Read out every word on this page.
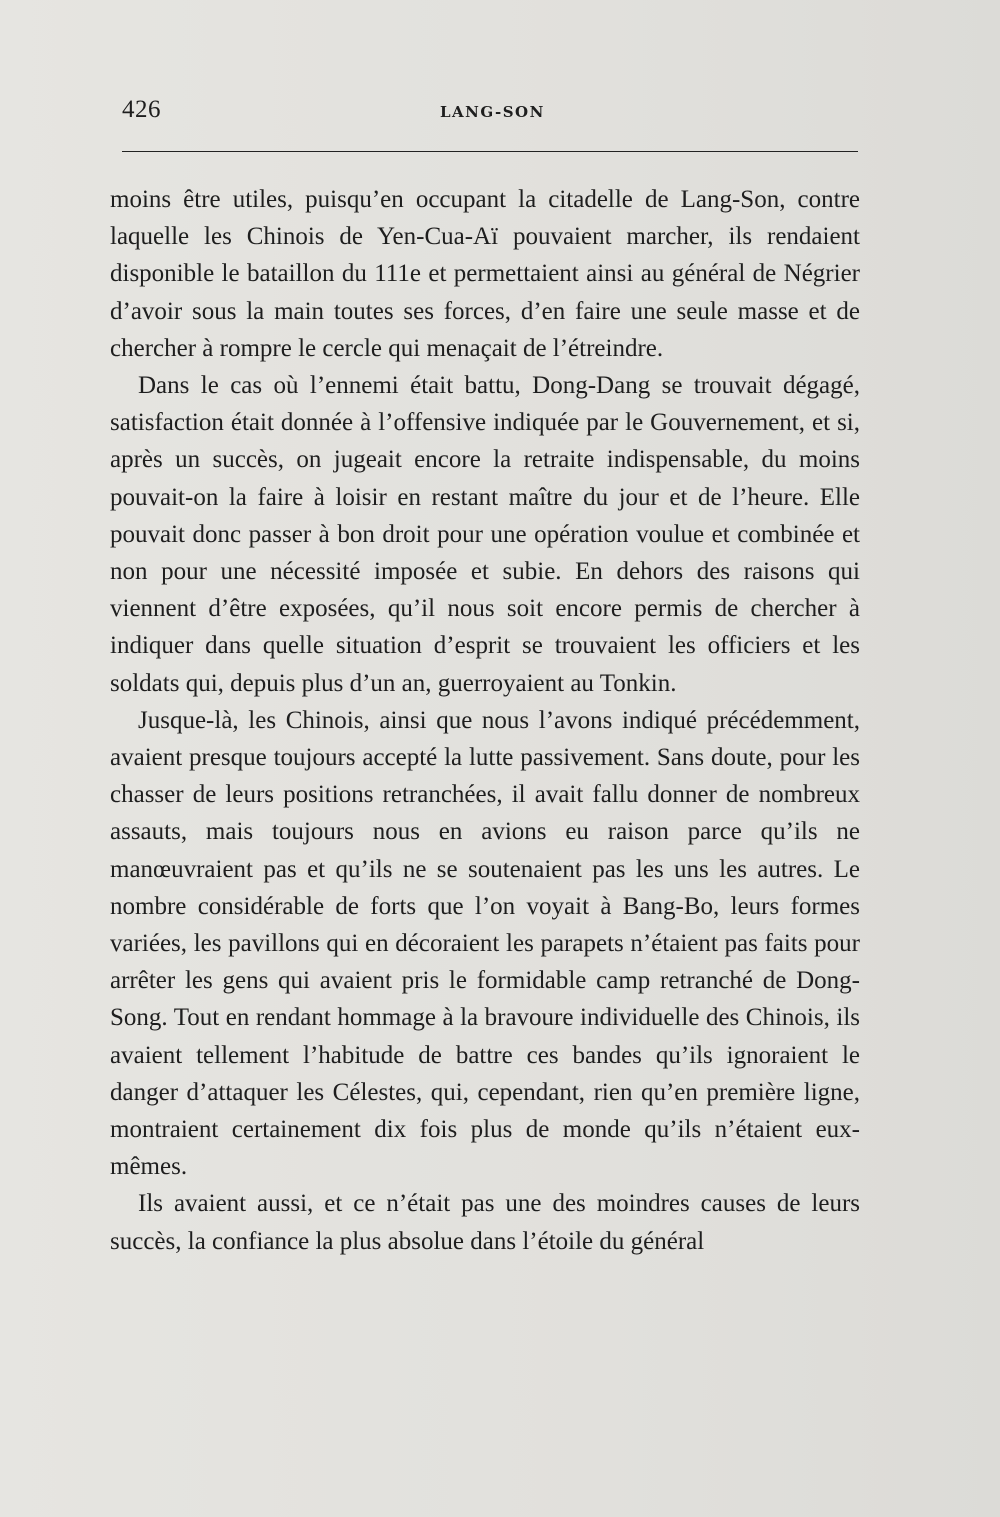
426	LANG-SON

moins être utiles, puisqu’en occupant la citadelle de Lang-Son, contre laquelle les Chinois de Yen-Cua-Aï pouvaient marcher, ils rendaient disponible le bataillon du 111e et permettaient ainsi au général de Négrier d’avoir sous la main toutes ses forces, d’en faire une seule masse et de chercher à rompre le cercle qui menaçait de l’étreindre.

Dans le cas où l’ennemi était battu, Dong-Dang se trouvait dégagé, satisfaction était donnée à l’offensive indiquée par le Gouvernement, et si, après un succès, on jugeait encore la retraite indispensable, du moins pouvait-on la faire à loisir en restant maître du jour et de l’heure. Elle pouvait donc passer à bon droit pour une opération voulue et combinée et non pour une nécessité imposée et subie. En dehors des raisons qui viennent d’être exposées, qu’il nous soit encore permis de chercher à indiquer dans quelle situation d’esprit se trouvaient les officiers et les soldats qui, depuis plus d’un an, guerroyaient au Tonkin.

Jusque-là, les Chinois, ainsi que nous l’avons indiqué précédemment, avaient presque toujours accepté la lutte passivement. Sans doute, pour les chasser de leurs positions retranchées, il avait fallu donner de nombreux assauts, mais toujours nous en avions eu raison parce qu’ils ne manœuvraient pas et qu’ils ne se soutenaient pas les uns les autres. Le nombre considérable de forts que l’on voyait à Bang-Bo, leurs formes variées, les pavillons qui en décoraient les parapets n’étaient pas faits pour arrêter les gens qui avaient pris le formidable camp retranché de Dong-Song. Tout en rendant hommage à la bravoure individuelle des Chinois, ils avaient tellement l’habitude de battre ces bandes qu’ils ignoraient le danger d’attaquer les Célestes, qui, cependant, rien qu’en première ligne, montraient certainement dix fois plus de monde qu’ils n’étaient eux-mêmes.

Ils avaient aussi, et ce n’était pas une des moindres causes de leurs succès, la confiance la plus absolue dans l’étoile du général
